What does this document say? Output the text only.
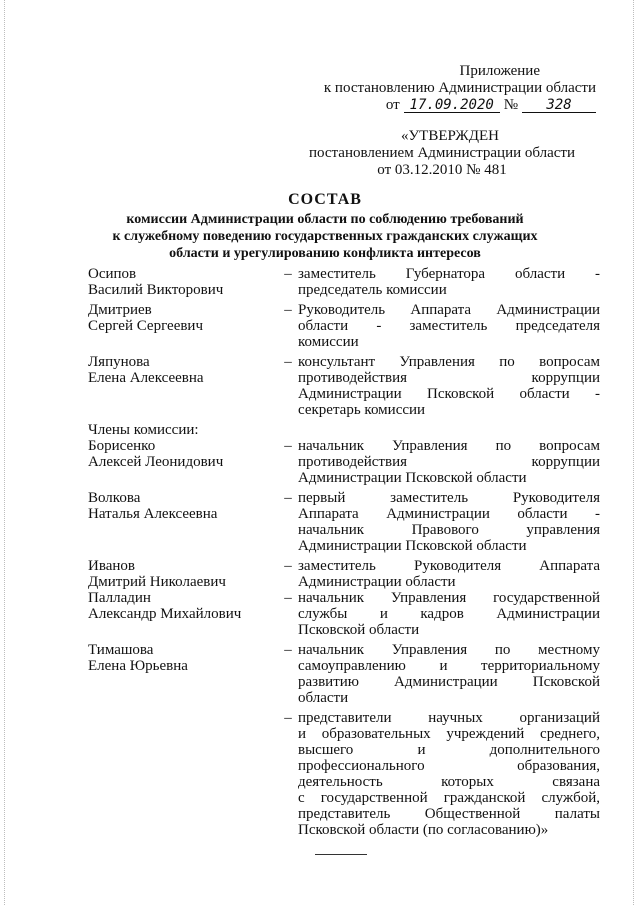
Приложение
к постановлению Администрации области
от 17.09.2020 №	328
«УТВЕРЖДЕН
постановлением Администрации области
от 03.12.2010 № 481
СОСТАВ
комиссии Администрации области по соблюдению требований
к служебному поведению государственных гражданских служащих
области и урегулированию конфликта интересов
Осипов
Василий Викторович
– заместитель Губернатора области -
председатель комиссии
Дмитриев
Сергей Сергеевич
– Руководитель Аппарата Администрации
области - заместитель председателя
комиссии
Ляпунова
Елена Алексеевна
– консультант Управления по вопросам
противодействия коррупции
Администрации Псковской области -
секретарь комиссии
Члены комиссии:
Борисенко
Алексей Леонидович
– начальник Управления по вопросам
противодействия коррупции
Администрации Псковской области
Волкова
Наталья Алексеевна
– первый заместитель Руководителя
Аппарата Администрации области -
начальник Правового управления
Администрации Псковской области
Иванов
Дмитрий Николаевич
– заместитель Руководителя Аппарата
Администрации области
Палладин
Александр Михайлович
– начальник Управления государственной
службы и кадров Администрации
Псковской области
Тимашова
Елена Юрьевна
– начальник Управления по местному
самоуправлению и территориальному
развитию Администрации Псковской
области
– представители научных организаций
и образовательных учреждений среднего,
высшего и дополнительного
профессионального образования,
деятельность которых связана
с государственной гражданской службой,
представитель Общественной палаты
Псковской области (по согласованию)»
